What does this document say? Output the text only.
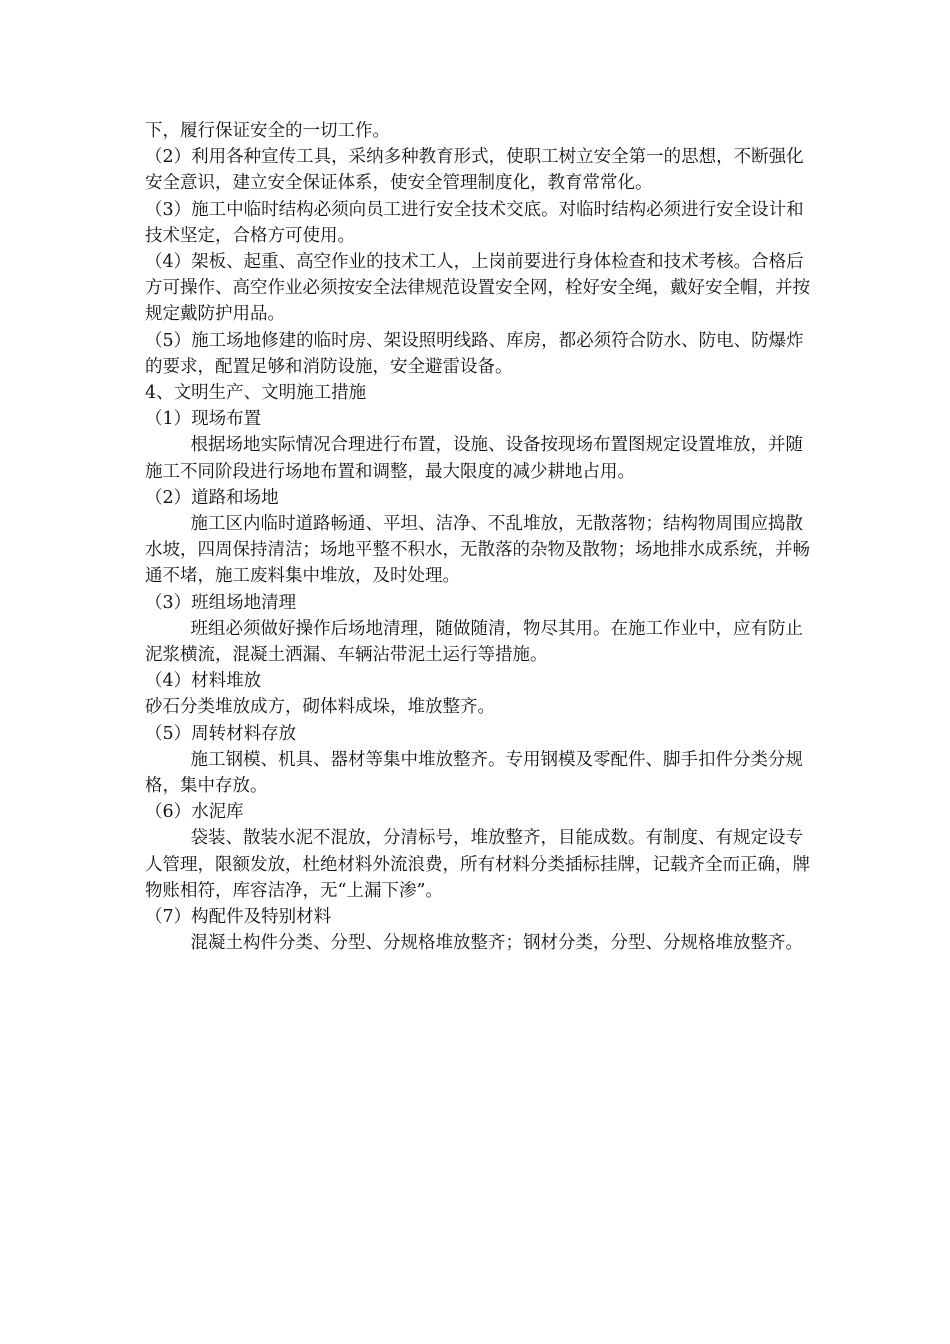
下，履行保证安全的一切工作。

（2）利用各种宣传工具，采纳多种教育形式，使职工树立安全第一的思想，不断强化安全意识，建立安全保证体系，使安全管理制度化，教育常常化。

（3）施工中临时结构必须向员工进行安全技术交底。对临时结构必须进行安全设计和技术坚定，合格方可使用。

（4）架板、起重、高空作业的技术工人，上岗前要进行身体检查和技术考核。合格后方可操作、高空作业必须按安全法律规范设置安全网，栓好安全绳，戴好安全帽，并按规定戴防护用品。

（5）施工场地修建的临时房、架设照明线路、库房，都必须符合防水、防电、防爆炸的要求，配置足够和消防设施，安全避雷设备。

4、文明生产、文明施工措施

（1）现场布置

根据场地实际情况合理进行布置，设施、设备按现场布置图规定设置堆放，并随施工不同阶段进行场地布置和调整，最大限度的减少耕地占用。

（2）道路和场地

施工区内临时道路畅通、平坦、洁净、不乱堆放，无散落物；结构物周围应捣散水坡，四周保持清洁；场地平整不积水，无散落的杂物及散物；场地排水成系统，并畅通不堵，施工废料集中堆放，及时处理。

（3）班组场地清理

班组必须做好操作后场地清理，随做随清，物尽其用。在施工作业中，应有防止泥浆横流，混凝土洒漏、车辆沾带泥土运行等措施。

（4）材料堆放

砂石分类堆放成方，砌体料成垛，堆放整齐。

（5）周转材料存放

施工钢模、机具、器材等集中堆放整齐。专用钢模及零配件、脚手扣件分类分规格，集中存放。

（6）水泥库

袋装、散装水泥不混放，分清标号，堆放整齐，目能成数。有制度、有规定设专人管理，限额发放，杜绝材料外流浪费，所有材料分类插标挂牌，记载齐全而正确，牌物账相符，库容洁净，无“上漏下渗”。

（7）构配件及特别材料

混凝土构件分类、分型、分规格堆放整齐；钢材分类，分型、分规格堆放整齐。
